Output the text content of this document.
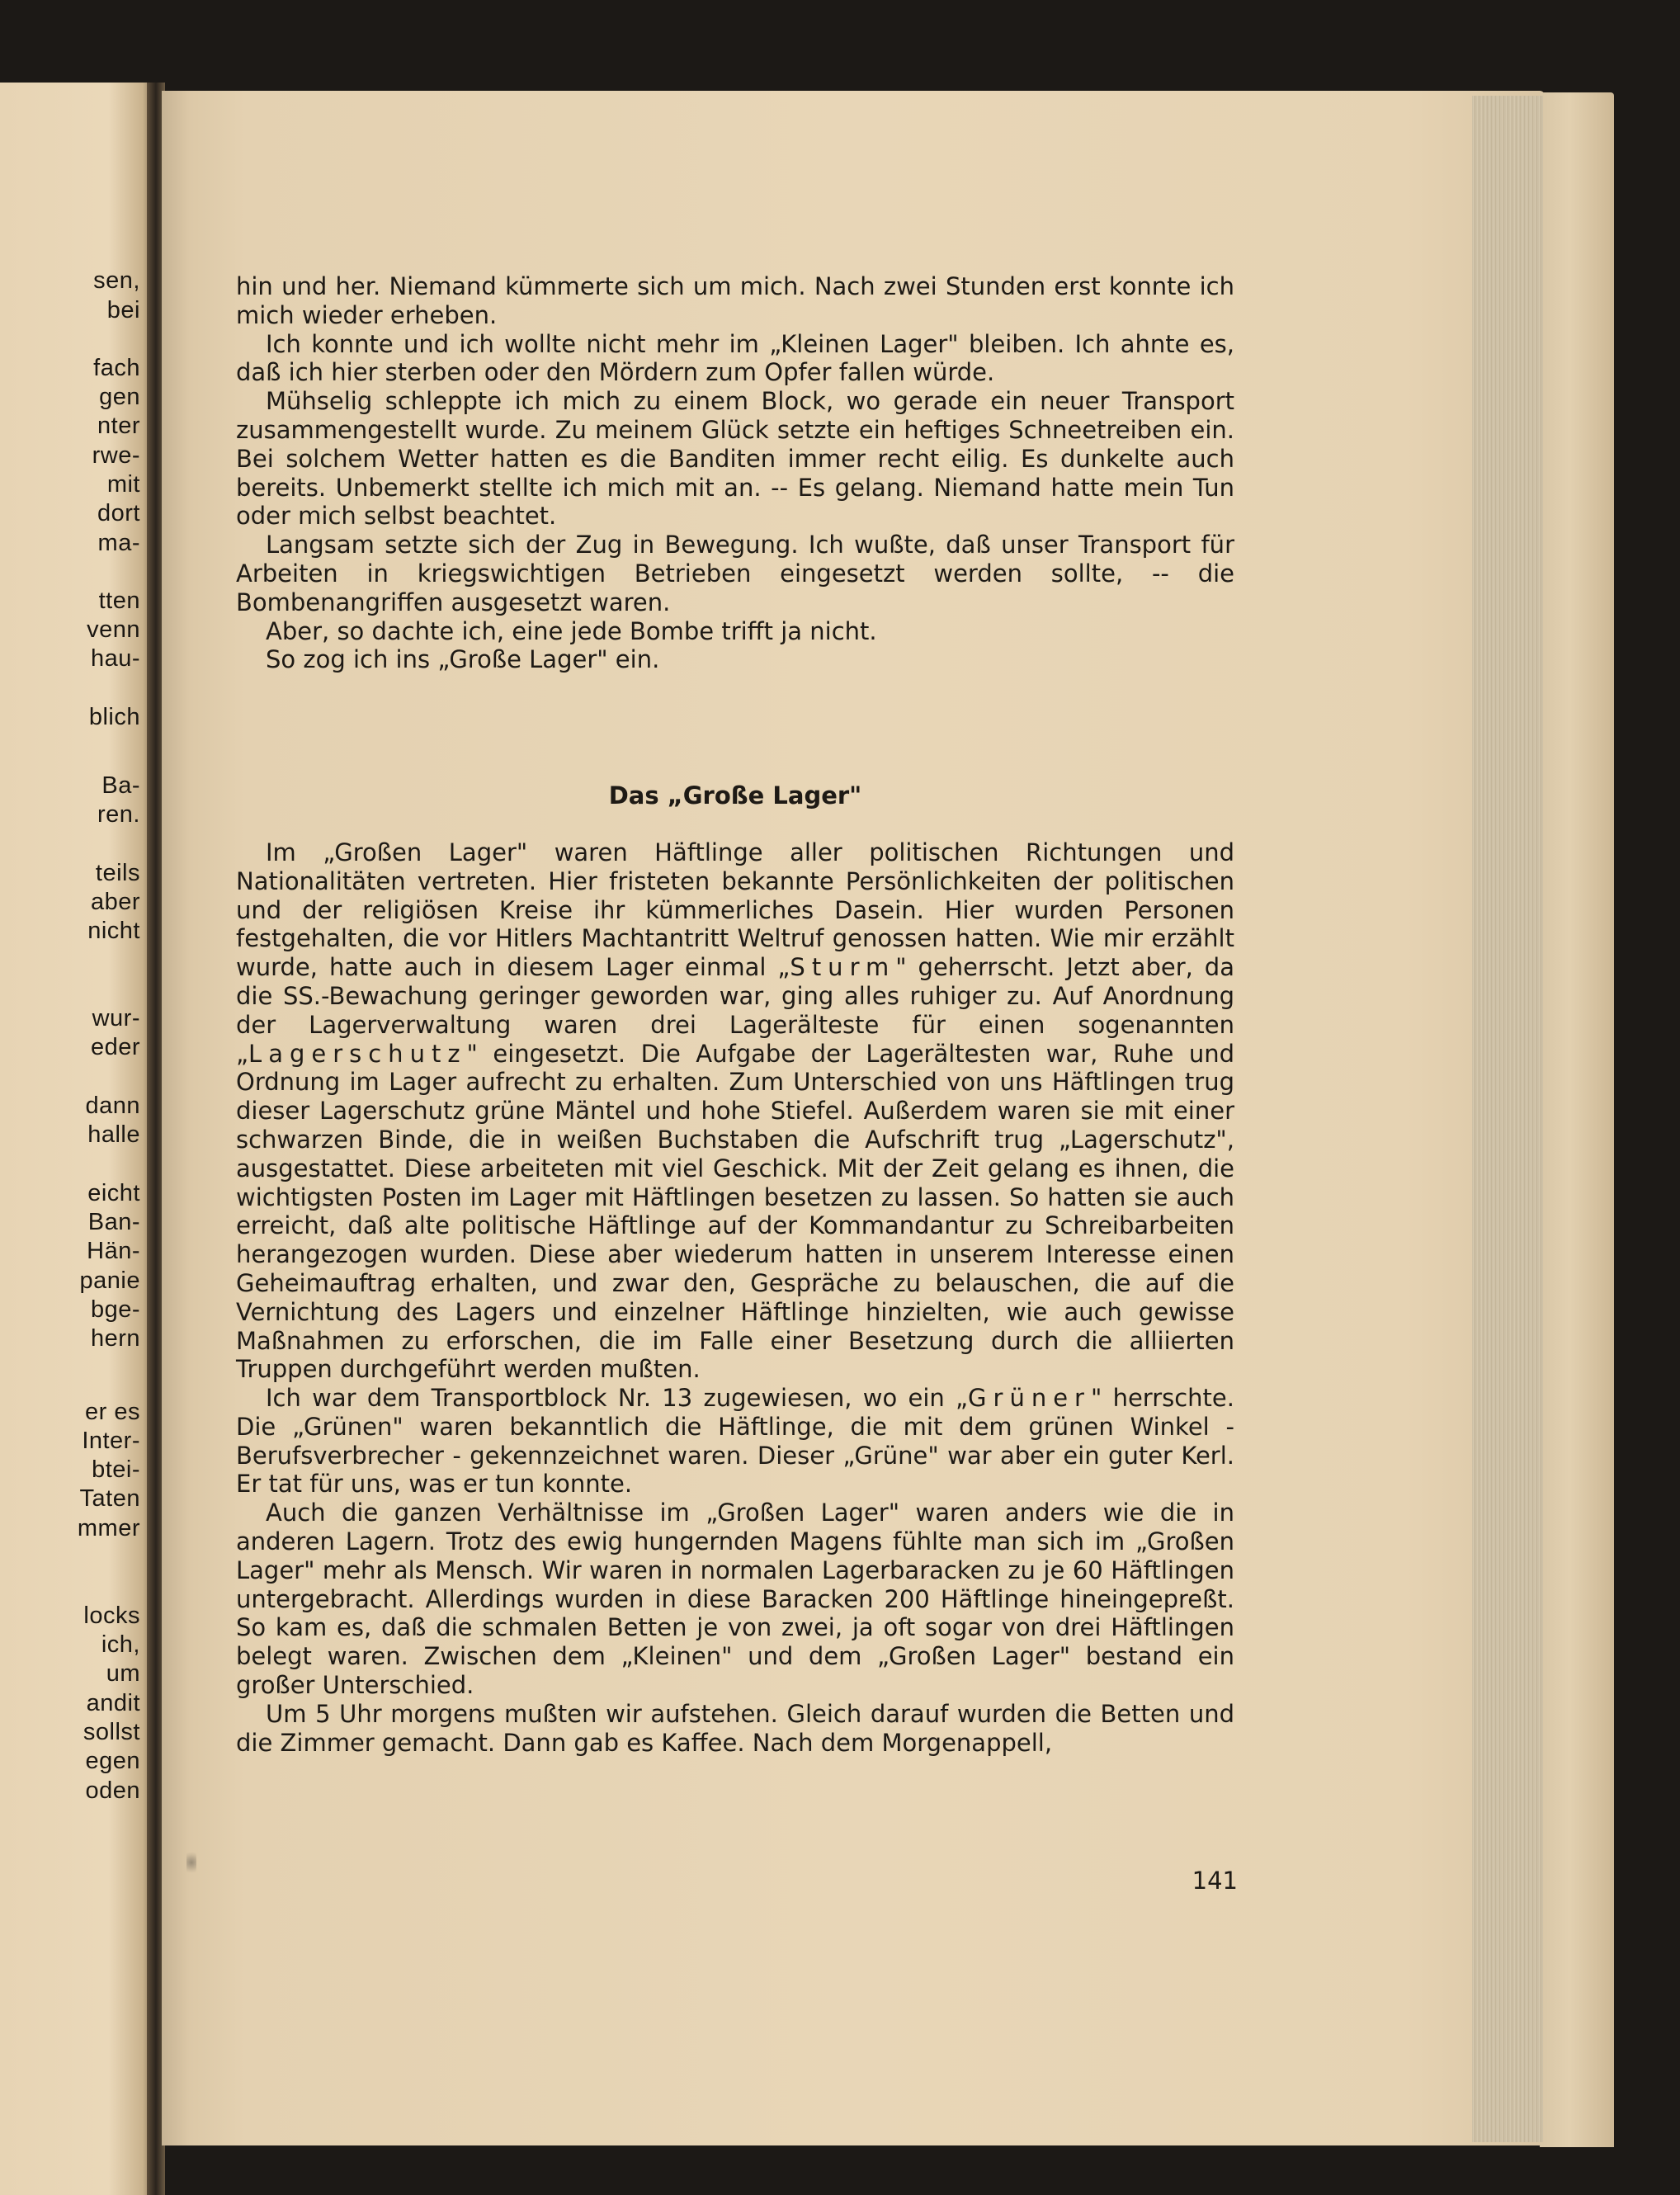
sen,
bei
fach
gen
nter
rwe-
mit
dort
ma-
tten
venn
hau-
blich
Ba-
ren.
teils
aber
nicht
wur-
eder
dann
halle
eicht
Ban-
Hän-
panie
bge-
hern
er es
Inter-
btei-
Taten
mmer
locks
ich,
um
andit
sollst
egen
oden

hin und her. Niemand kümmerte sich um mich. Nach zwei Stunden erst konnte ich mich wieder erheben.

Ich konnte und ich wollte nicht mehr im „Kleinen Lager" bleiben. Ich ahnte es, daß ich hier sterben oder den Mördern zum Opfer fallen würde.

Mühselig schleppte ich mich zu einem Block, wo gerade ein neuer Transport zusammengestellt wurde. Zu meinem Glück setzte ein heftiges Schneetreiben ein. Bei solchem Wetter hatten es die Banditen immer recht eilig. Es dunkelte auch bereits. Unbemerkt stellte ich mich mit an. -- Es gelang. Niemand hatte mein Tun oder mich selbst beachtet.

Langsam setzte sich der Zug in Bewegung. Ich wußte, daß unser Transport für Arbeiten in kriegswichtigen Betrieben eingesetzt werden sollte, -- die Bombenangriffen ausgesetzt waren.

Aber, so dachte ich, eine jede Bombe trifft ja nicht.

So zog ich ins „Große Lager" ein.

Das „Große Lager"

Im „Großen Lager" waren Häftlinge aller politischen Richtungen und Nationalitäten vertreten. Hier fristeten bekannte Persönlichkeiten der politischen und der religiösen Kreise ihr kümmerliches Dasein. Hier wurden Personen festgehalten, die vor Hitlers Machtantritt Weltruf genossen hatten. Wie mir erzählt wurde, hatte auch in diesem Lager einmal „Sturm" geherrscht. Jetzt aber, da die SS.-Bewachung geringer geworden war, ging alles ruhiger zu. Auf Anordnung der Lagerverwaltung waren drei Lagerälteste für einen sogenannten „Lagerschutz" eingesetzt. Die Aufgabe der Lagerältesten war, Ruhe und Ordnung im Lager aufrecht zu erhalten. Zum Unterschied von uns Häftlingen trug dieser Lagerschutz grüne Mäntel und hohe Stiefel. Außerdem waren sie mit einer schwarzen Binde, die in weißen Buchstaben die Aufschrift trug „Lagerschutz", ausgestattet. Diese arbeiteten mit viel Geschick. Mit der Zeit gelang es ihnen, die wichtigsten Posten im Lager mit Häftlingen besetzen zu lassen. So hatten sie auch erreicht, daß alte politische Häftlinge auf der Kommandantur zu Schreibarbeiten herangezogen wurden. Diese aber wiederum hatten in unserem Interesse einen Geheimauftrag erhalten, und zwar den, Gespräche zu belauschen, die auf die Vernichtung des Lagers und einzelner Häftlinge hinzielten, wie auch gewisse Maßnahmen zu erforschen, die im Falle einer Besetzung durch die alliierten Truppen durchgeführt werden mußten.

Ich war dem Transportblock Nr. 13 zugewiesen, wo ein „Grüner" herrschte. Die „Grünen" waren bekanntlich die Häftlinge, die mit dem grünen Winkel - Berufsverbrecher - gekennzeichnet waren. Dieser „Grüne" war aber ein guter Kerl. Er tat für uns, was er tun konnte.

Auch die ganzen Verhältnisse im „Großen Lager" waren anders wie die in anderen Lagern. Trotz des ewig hungernden Magens fühlte man sich im „Großen Lager" mehr als Mensch. Wir waren in normalen Lagerbaracken zu je 60 Häftlingen untergebracht. Allerdings wurden in diese Baracken 200 Häftlinge hineingepreßt. So kam es, daß die schmalen Betten je von zwei, ja oft sogar von drei Häftlingen belegt waren. Zwischen dem „Kleinen" und dem „Großen Lager" bestand ein großer Unterschied.

Um 5 Uhr morgens mußten wir aufstehen. Gleich darauf wurden die Betten und die Zimmer gemacht. Dann gab es Kaffee. Nach dem Morgenappell,

141
